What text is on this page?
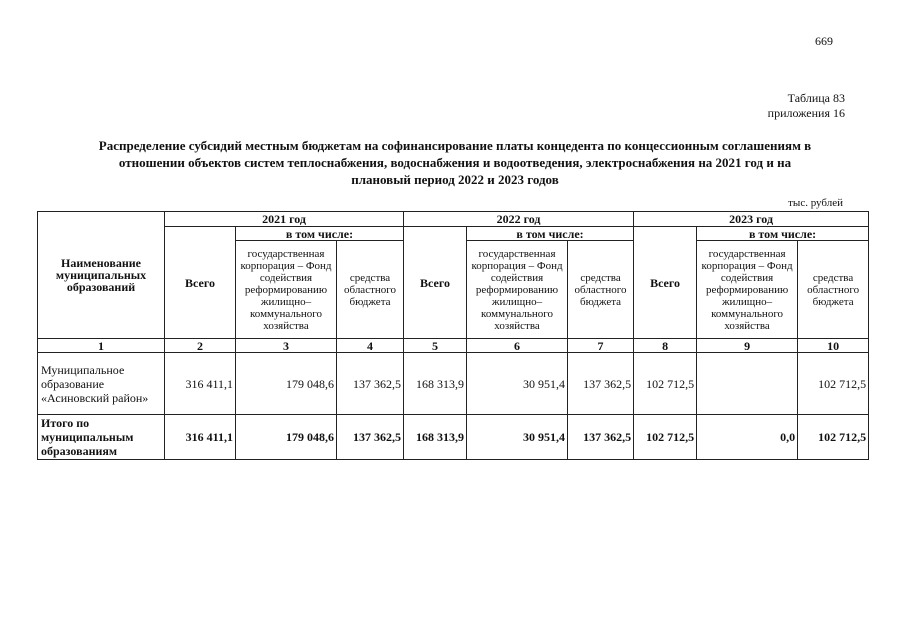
669
Таблица 83
приложения 16
Распределение субсидий местным бюджетам на софинансирование платы концедента по концессионным соглашениям в
отношении объектов систем теплоснабжения, водоснабжения и водоотведения, электроснабжения на 2021 год и на
плановый период 2022 и 2023 годов
тыс. рублей
Наименование муниципальных образований	2021 год			2022 год			2023 год		
	Всего	в том числе:		Всего	в том числе:		Всего	в том числе:	
		государственная корпорация – Фонд содействия реформированию жилищно–коммунального хозяйства	средства областного бюджета		государственная корпорация – Фонд содействия реформированию жилищно–коммунального хозяйства	средства областного бюджета		государственная корпорация – Фонд содействия реформированию жилищно–коммунального хозяйства	средства областного бюджета
1	2	3	4	5	6	7	8	9	10
Муниципальное образование «Асиновский район»	316 411,1	179 048,6	137 362,5	168 313,9	30 951,4	137 362,5	102 712,5		102 712,5
Итого по муниципальным образованиям	316 411,1	179 048,6	137 362,5	168 313,9	30 951,4	137 362,5	102 712,5	0,0	102 712,5
